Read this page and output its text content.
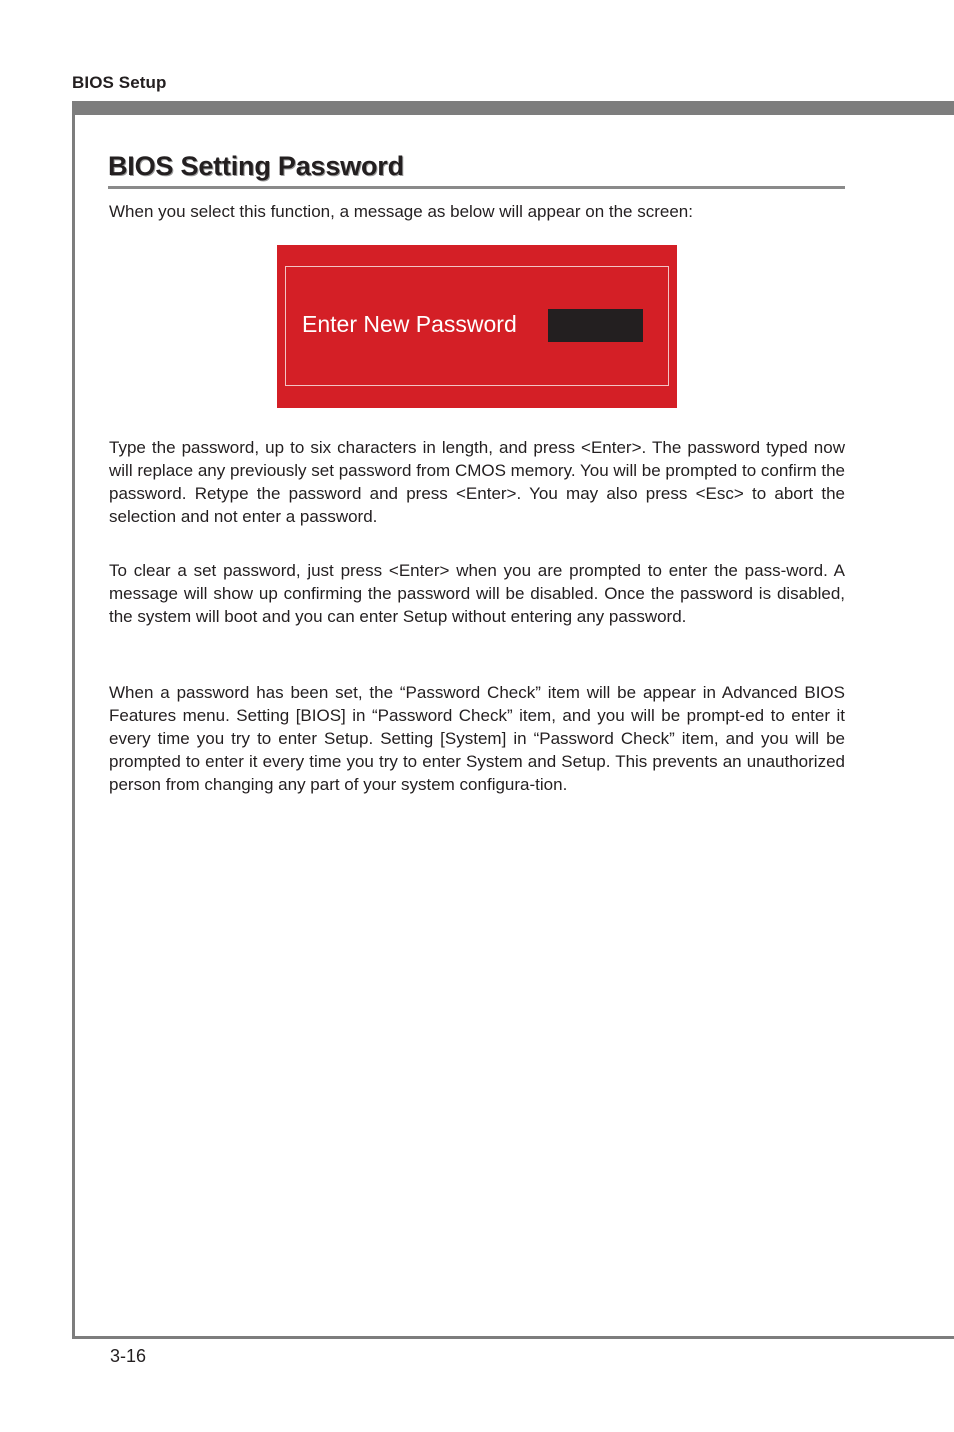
BIOS Setup
BIOS Setting Password
When you select this function, a message as below will appear on the screen:
Enter New Password

Type the password, up to six characters in length, and press <Enter>. The password typed now will replace any previously set password from CMOS memory. You will be prompted to confirm the password. Retype the password and press <Enter>. You may also press <Esc> to abort the selection and not enter a password.

To clear a set password, just press <Enter> when you are prompted to enter the pass-word. A message will show up confirming the password will be disabled. Once the password is disabled, the system will boot and you can enter Setup without entering any password.

When a password has been set, the “Password Check” item will be appear in Advanced BIOS Features menu. Setting [BIOS] in “Password Check” item, and you will be prompt-ed to enter it every time you try to enter Setup. Setting [System] in “Password Check” item, and you will be prompted to enter it every time you try to enter System and Setup. This prevents an unauthorized person from changing any part of your system configura-tion.

3-16
